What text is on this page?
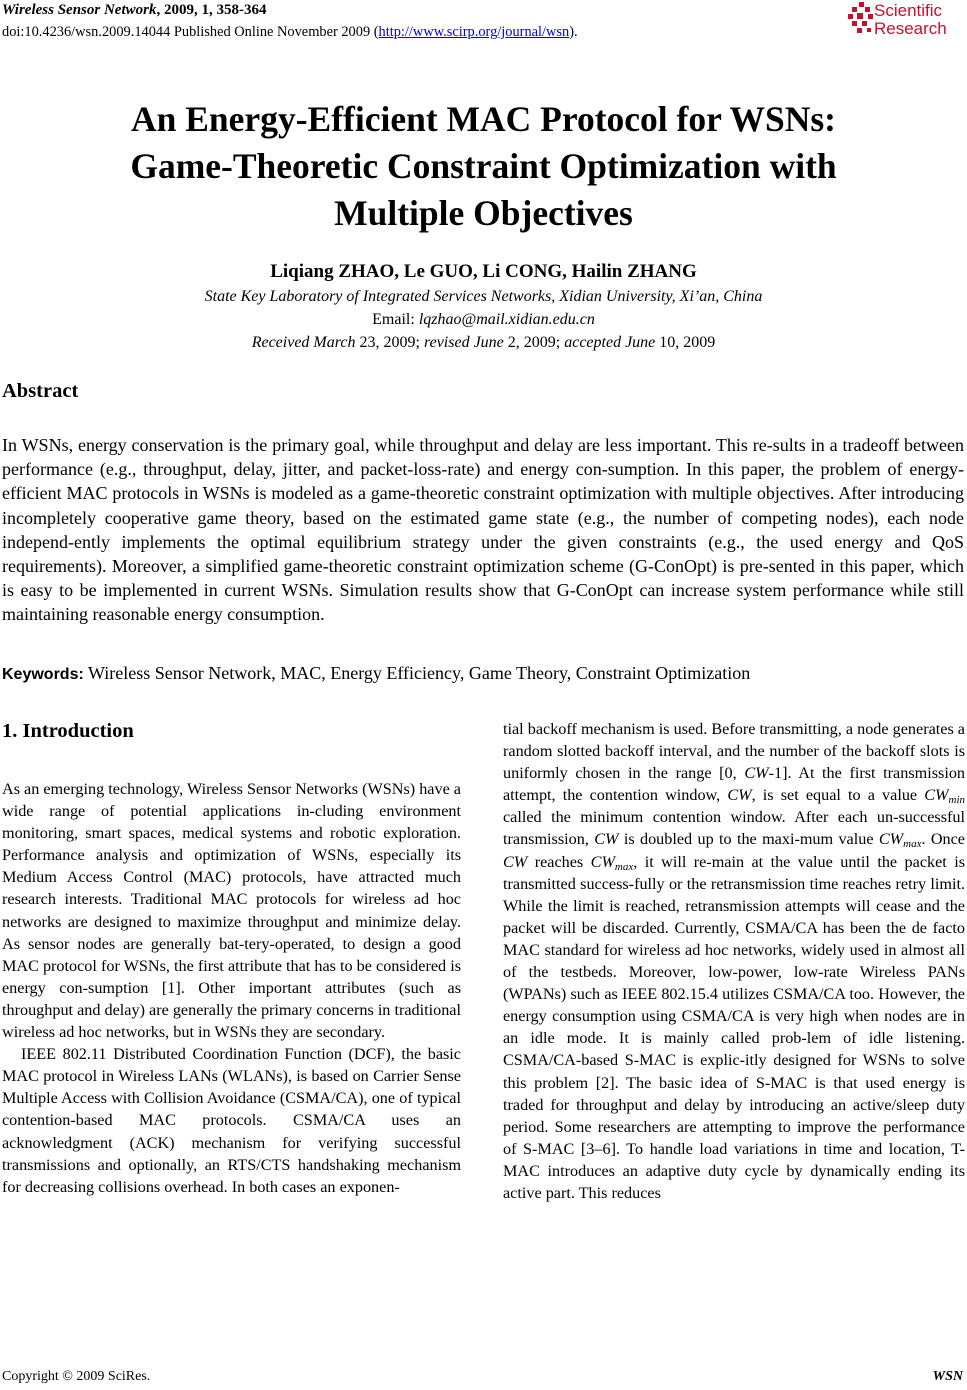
Wireless Sensor Network, 2009, 1, 358-364
doi:10.4236/wsn.2009.14044 Published Online November 2009 (http://www.scirp.org/journal/wsn).
Scientific
Research
An Energy-Efficient MAC Protocol for WSNs:
Game-Theoretic Constraint Optimization with
Multiple Objectives
Liqiang ZHAO, Le GUO, Li CONG, Hailin ZHANG
State Key Laboratory of Integrated Services Networks, Xidian University, Xi’an, China
Email: lqzhao@mail.xidian.edu.cn
Received March 23, 2009; revised June 2, 2009; accepted June 10, 2009
Abstract
In WSNs, energy conservation is the primary goal, while throughput and delay are less important. This re-sults in a tradeoff between performance (e.g., throughput, delay, jitter, and packet-loss-rate) and energy con-sumption. In this paper, the problem of energy-efficient MAC protocols in WSNs is modeled as a game-theoretic constraint optimization with multiple objectives. After introducing incompletely cooperative game theory, based on the estimated game state (e.g., the number of competing nodes), each node independ-ently implements the optimal equilibrium strategy under the given constraints (e.g., the used energy and QoS requirements). Moreover, a simplified game-theoretic constraint optimization scheme (G-ConOpt) is pre-sented in this paper, which is easy to be implemented in current WSNs. Simulation results show that G-ConOpt can increase system performance while still maintaining reasonable energy consumption.
Keywords: Wireless Sensor Network, MAC, Energy Efficiency, Game Theory, Constraint Optimization
1. Introduction

As an emerging technology, Wireless Sensor Networks (WSNs) have a wide range of potential applications in-cluding environment monitoring, smart spaces, medical systems and robotic exploration. Performance analysis and optimization of WSNs, especially its Medium Access Control (MAC) protocols, have attracted much research interests. Traditional MAC protocols for wireless ad hoc networks are designed to maximize throughput and minimize delay. As sensor nodes are generally bat-tery-operated, to design a good MAC protocol for WSNs, the first attribute that has to be considered is energy con-sumption [1]. Other important attributes (such as throughput and delay) are generally the primary concerns in traditional wireless ad hoc networks, but in WSNs they are secondary.

IEEE 802.11 Distributed Coordination Function (DCF), the basic MAC protocol in Wireless LANs (WLANs), is based on Carrier Sense Multiple Access with Collision Avoidance (CSMA/CA), one of typical contention-based MAC protocols. CSMA/CA uses an acknowledgment (ACK) mechanism for verifying successful transmissions and optionally, an RTS/CTS handshaking mechanism for decreasing collisions overhead. In both cases an exponen-

tial backoff mechanism is used. Before transmitting, a node generates a random slotted backoff interval, and the number of the backoff slots is uniformly chosen in the range [0, CW-1]. At the first transmission attempt, the contention window, CW, is set equal to a value $CW_{min}$ called the minimum contention window. After each un-successful transmission, CW is doubled up to the maxi-mum value $CW_{max}$. Once CW reaches $CW_{max}$, it will re-main at the value until the packet is transmitted success-fully or the retransmission time reaches retry limit. While the limit is reached, retransmission attempts will cease and the packet will be discarded. Currently, CSMA/CA has been the de facto MAC standard for wireless ad hoc networks, widely used in almost all of the testbeds. Moreover, low-power, low-rate Wireless PANs (WPANs) such as IEEE 802.15.4 utilizes CSMA/CA too. However, the energy consumption using CSMA/CA is very high when nodes are in an idle mode. It is mainly called prob-lem of idle listening. CSMA/CA-based S-MAC is explic-itly designed for WSNs to solve this problem [2]. The basic idea of S-MAC is that used energy is traded for throughput and delay by introducing an active/sleep duty period. Some researchers are attempting to improve the performance of S-MAC [3–6]. To handle load variations in time and location, T-MAC introduces an adaptive duty cycle by dynamically ending its active part. This reduces

Copyright © 2009 SciRes.	WSN
